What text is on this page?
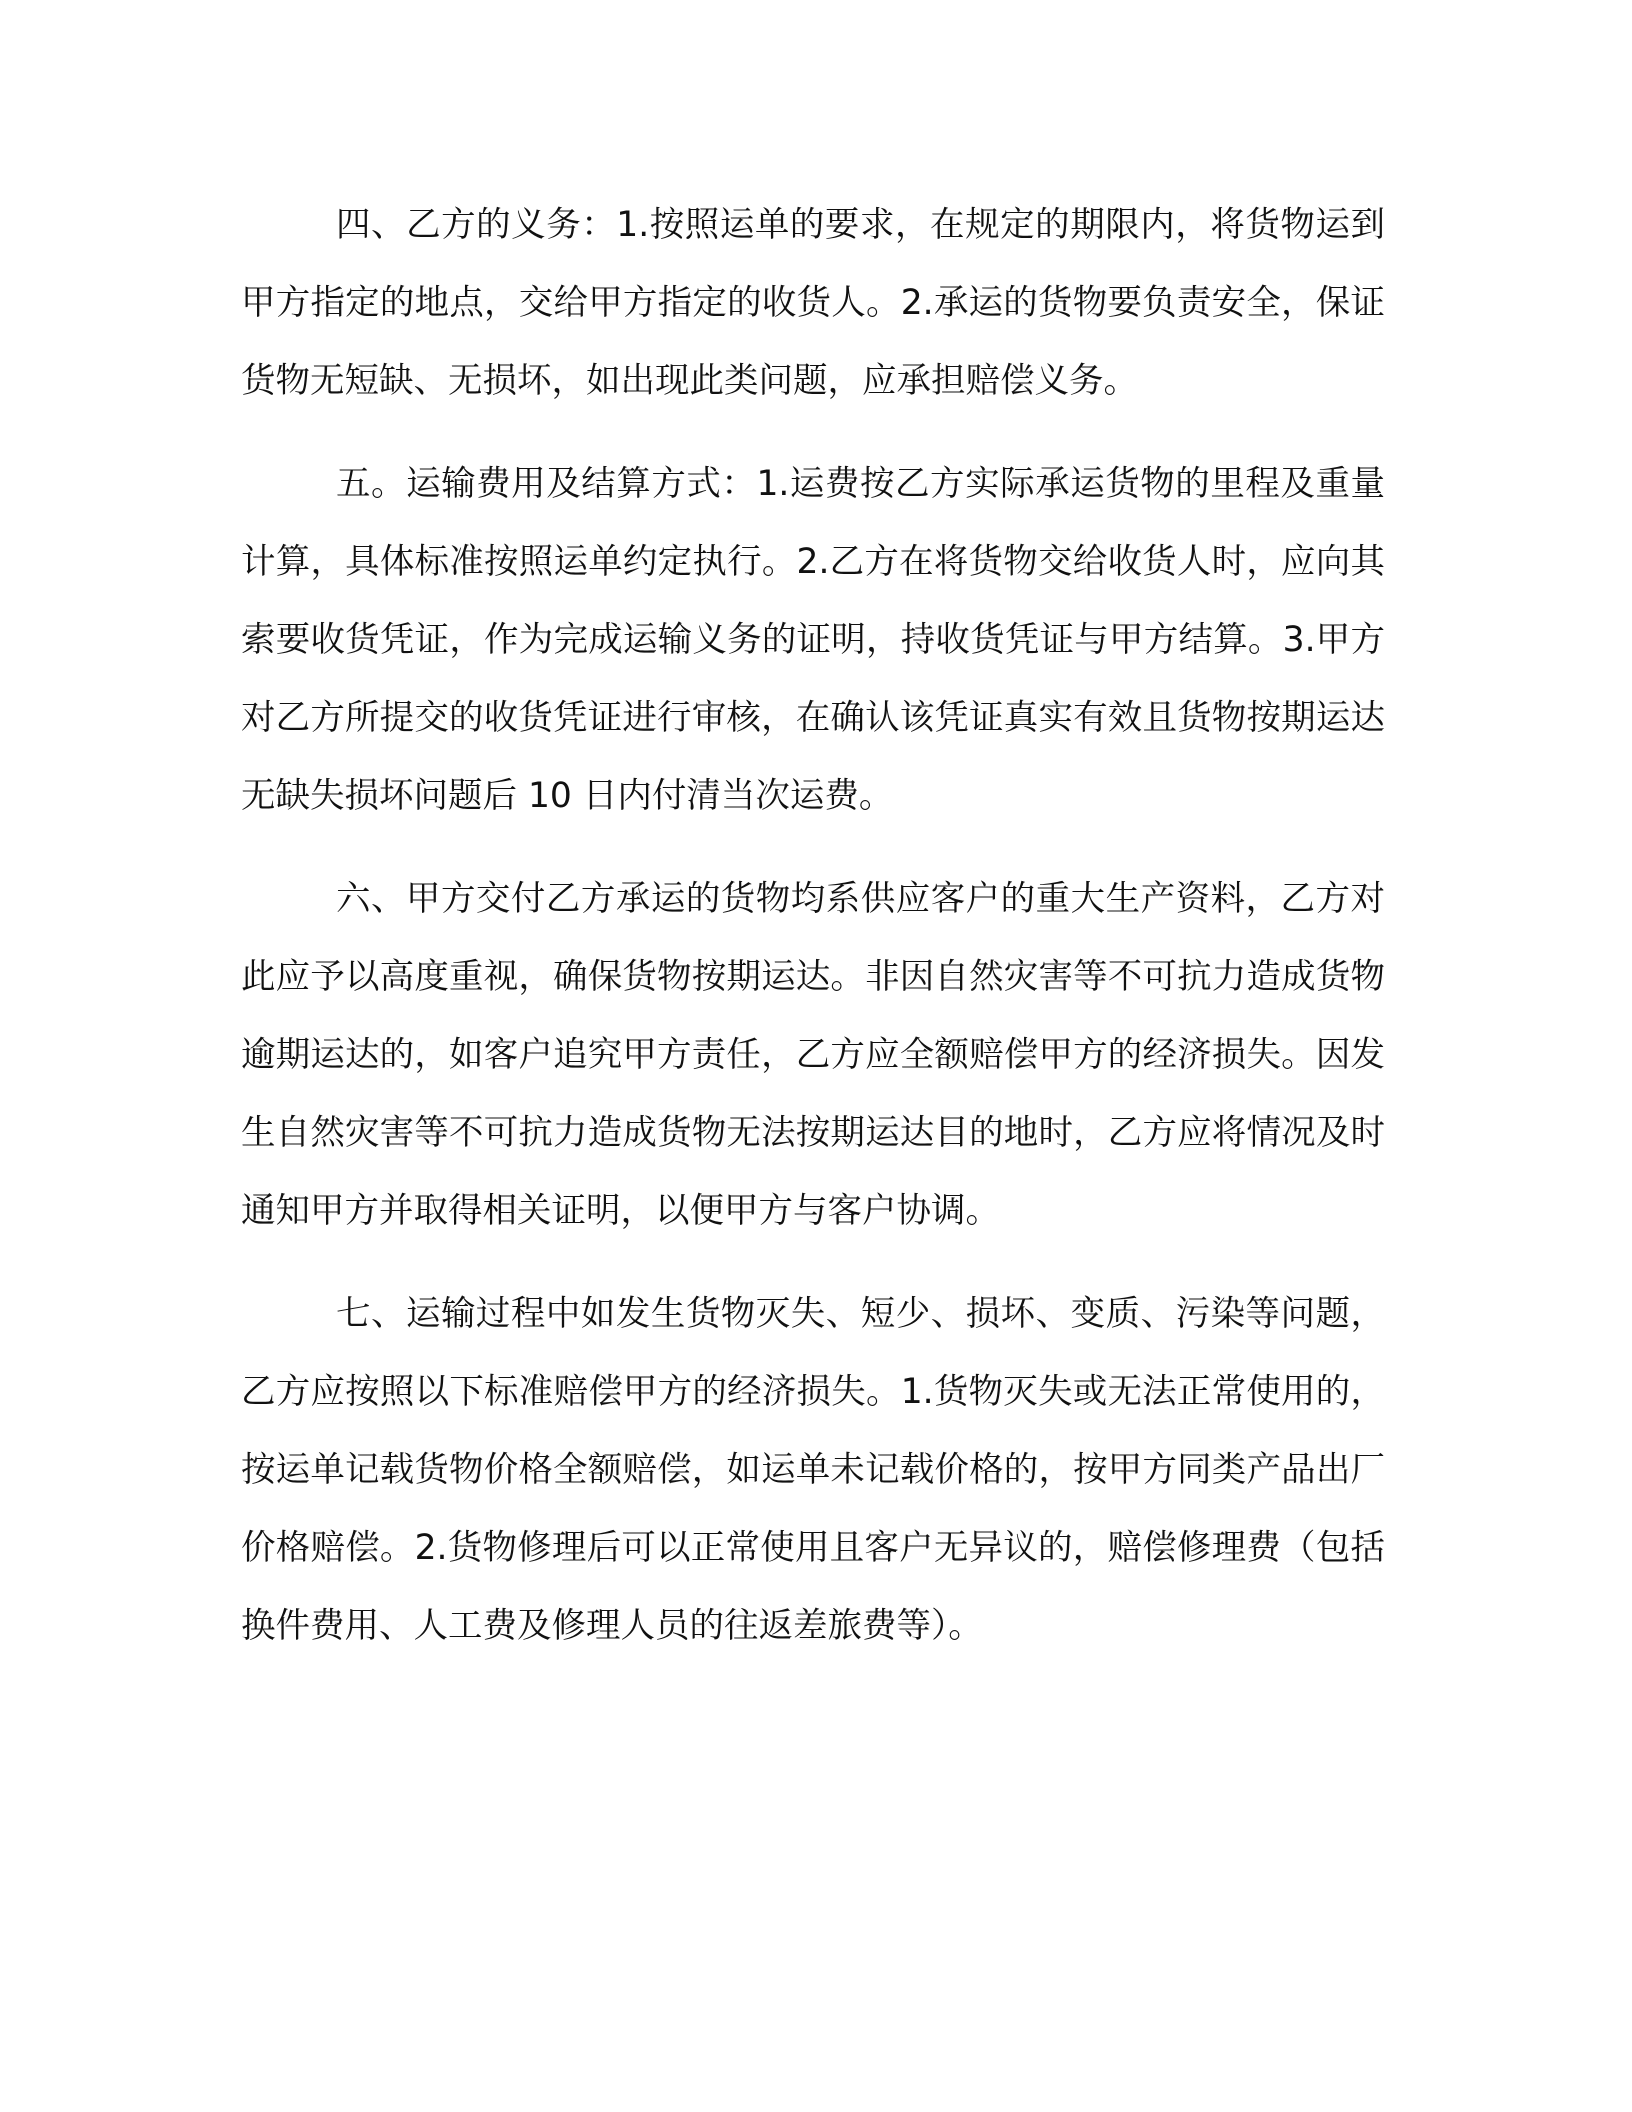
四、乙方的义务：1.按照运单的要求，在规定的期限内，将货物运到甲方指定的地点，交给甲方指定的收货人。2.承运的货物要负责安全，保证货物无短缺、无损坏，如出现此类问题，应承担赔偿义务。

五。运输费用及结算方式：1.运费按乙方实际承运货物的里程及重量计算，具体标准按照运单约定执行。2.乙方在将货物交给收货人时，应向其索要收货凭证，作为完成运输义务的证明，持收货凭证与甲方结算。3.甲方对乙方所提交的收货凭证进行审核，在确认该凭证真实有效且货物按期运达无缺失损坏问题后 10 日内付清当次运费。

六、甲方交付乙方承运的货物均系供应客户的重大生产资料，乙方对此应予以高度重视，确保货物按期运达。非因自然灾害等不可抗力造成货物逾期运达的，如客户追究甲方责任，乙方应全额赔偿甲方的经济损失。因发生自然灾害等不可抗力造成货物无法按期运达目的地时，乙方应将情况及时通知甲方并取得相关证明，以便甲方与客户协调。

七、运输过程中如发生货物灭失、短少、损坏、变质、污染等问题，乙方应按照以下标准赔偿甲方的经济损失。1.货物灭失或无法正常使用的，按运单记载货物价格全额赔偿，如运单未记载价格的，按甲方同类产品出厂价格赔偿。2.货物修理后可以正常使用且客户无异议的，赔偿修理费（包括换件费用、人工费及修理人员的往返差旅费等）。
